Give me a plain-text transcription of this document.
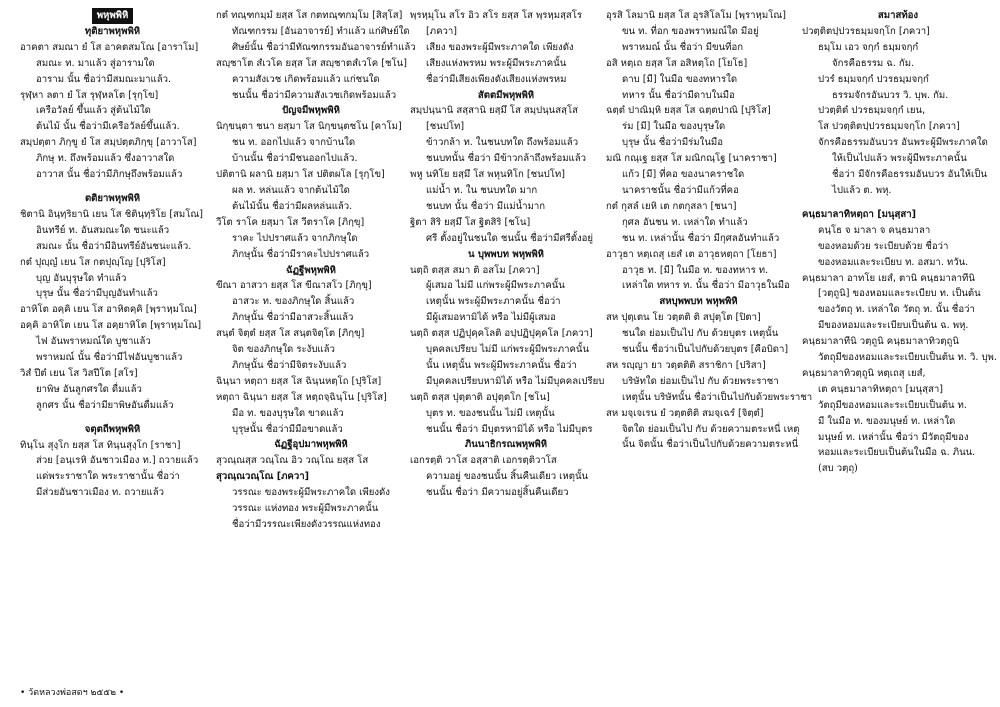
พหุพพิหิ
ทุติยาพหุพพิหิ
อาคตา สมณา ยํ โส อาคตสมโณ [อาราโม]
สมณะ ท. มาแล้ว สู่อารามใด
อาราม นั้น ชื่อว่ามีสมณะมาแล้ว.
รุฬฺหา ลตา ยํ โส รุฬฺหลโต [รุกฺโข]
เครือวัลย์ ขึ้นแล้ว สู่ต้นไม้ใด
ต้นไม้ นั้น ชื่อว่ามีเครือวัลย์ขึ้นแล้ว.
สมฺปตฺตา ภิกฺขู ยํ โส สมฺปตฺตภิกฺขุ [อาวาโส]
ภิกษุ ท. ถึงพร้อมแล้ว ซึ่งอาวาสใด
อาวาส นั้น ชื่อว่ามีภิกษุถึงพร้อมแล้ว
ตติยาพหุพพิหิ
ชิตานิ อินฺทฺริยานิ เยน โส ชิตินฺทฺริโย [สมโณ]
อินทรีย์ ท. อันสมณะใด ชนะแล้ว
สมณะ นั้น ชื่อว่ามีอินทรีย์อันชนะแล้ว.
กตํ ปุญฺญํ เยน โส กตปุญฺโญ [ปุริโส]
บุญ อันบุรุษใด ทำแล้ว
บุรุษ นั้น ชื่อว่ามีบุญอันทำแล้ว
อาหิโต อคฺคิ เยน โส อาหิตคฺคิ [พฺราหฺมโณ]
อคฺคิ อาหิโต เยน โส อคฺยาหิโต [พฺราหฺมโณ]
ไฟ อันพราหมณ์ใด บูชาแล้ว
พราหมณ์ นั้น ชื่อว่ามีไฟอันบูชาแล้ว
วิสํ ปีตํ เยน โส วิสปีโต [สโร]
ยาพิษ อันลูกศรใด ดื่มแล้ว
ลูกศร นั้น ชื่อว่ามียาพิษอันดื่มแล้ว
จตุตถีพหุพพิหิ
ทินฺโน สุงฺโก ยสฺส โส ทินฺนสุงฺโก [ราชา]
ส่วย [อนฺเรหิ อันชาวเมือง ท.] ถวายแล้ว
แด่พระราชาใด พระราชานั้น ชื่อว่า
มีส่วยอันชาวเมือง ท. ถวายแล้ว
กตํ ทณฺฑกมฺมํ ยสฺส โส กตทณฺฑกมฺโม [สิสฺโส]
ทัณฑกรรม [อันอาจารย์] ทำแล้ว แก่ศิษย์ใด
ศิษย์นั้น ชื่อว่ามีทัณฑกรรมอันอาจารย์ทำแล้ว
สญฺชาโต สํเวโค ยสฺส โส สญฺชาตสํเวโค [ชโน]
ความสังเวช เกิดพร้อมแล้ว แก่ชนใด
ชนนั้น ชื่อว่ามีความสังเวชเกิดพร้อมแล้ว
ปัญจมีพหุพพิหิ
นิกฺขนฺตา ชนา ยสฺมา โส นิกฺขนฺตชโน [คาโม]
ชน ท. ออกไปแล้ว จากบ้านใด
บ้านนั้น ชื่อว่ามีชนออกไปแล้ว.
ปติตานิ ผลานิ ยสฺมา โส ปติตผโล [รุกฺโข]
ผล ท. หล่นแล้ว จากต้นไม้ใด
ต้นไม้นั้น ชื่อว่ามีผลหล่นแล้ว.
วีโต ราโค ยสฺมา โส วีตราโค [ภิกฺขุ]
ราคะ ไปปราศแล้ว จากภิกษุใด
ภิกษุนั้น ชื่อว่ามีราคะไปปราศแล้ว
ฉัฏฐีพหุพพิหิ
ขีณา อาสวา ยสฺส โส ขีณาสโว [ภิกฺขุ]
อาสวะ ท. ของภิกษุใด สิ้นแล้ว
ภิกษุนั้น ชื่อว่ามีอาสวะสิ้นแล้ว
สนฺตํ จิตฺตํ ยสฺส โส สนฺตจิตฺโต [ภิกฺขุ]
จิต ของภิกษุใด ระงับแล้ว
ภิกษุนั้น ชื่อว่ามีจิตระงับแล้ว
ฉินฺนา หตฺถา ยสฺส โส ฉินฺนหตฺโถ [ปุริโส]
หตฺถา ฉินฺนา ยสฺส โส หตฺถจฺฉินฺโน [ปุริโส]
มือ ท. ของบุรุษใด ขาดแล้ว
บุรุษนั้น ชื่อว่ามีมือขาดแล้ว
ฉัฏฐีอุปมาพหุพพิหิ
สุวณฺณสฺส วณฺโณ อิว วณฺโณ ยสฺส โส
สุวณฺณวณฺโณ [ภควา]
วรรณะ ของพระผู้มีพระภาคใด เพียงดัง
วรรณะ แห่งทอง พระผู้มีพระภาคนั้น
ชื่อว่ามีวรรณะเพียงดังวรรณแห่งทอง
พฺรหฺมุโน สโร อิว สโร ยสฺส โส พฺรหฺมสฺสโร
[ภควา]
เสียง ของพระผู้มีพระภาคใด เพียงดัง
เสียงแห่งพรหม พระผู้มีพระภาคนั้น
ชื่อว่ามีเสียงเพียงดังเสียงแห่งพรหม
สัตตมีพหุพพิหิ
สมฺปนฺนานิ สสฺสานิ ยสฺมึ โส สมฺปนฺนสสฺโส
[ชนปโท]
ข้าวกล้า ท. ในชนบทใด ถึงพร้อมแล้ว
ชนบทนั้น ชื่อว่า มีข้าวกล้าถึงพร้อมแล้ว
พหู นทิโย ยสฺมึ โส พหุนทิโก [ชนปโท]
แม่น้ำ ท. ใน ชนบทใด มาก
ชนบท นั้น ชื่อว่า มีแม่น้ำมาก
ฐิตา สิริ ยสฺมึ โส ฐิตสิริ [ชโน]
ศรี ตั้งอยู่ในชนใด ชนนั้น ชื่อว่ามีศรีตั้งอยู่
น บุพพบท พหุพพิหิ
นตฺถิ ตสฺส สมา ติ อสโม [ภควา]
ผู้เสมอ ไม่มี แก่พระผู้มีพระภาคนั้น
เหตุนั้น พระผู้มีพระภาคนั้น ชื่อว่า
มีผู้เสมอหามิได้ หรือ ไม่มีผู้เสมอ
นตฺถิ ตสฺส ปฏิปุคฺคโลติ อปฺปฏิปุคฺคโล [ภควา]
บุคคลเปรียบ ไม่มี แก่พระผู้มีพระภาคนั้น
นั้น เหตุนั้น พระผู้มีพระภาคนั้น ชื่อว่า
มีบุคคลเปรียบหามิได้ หรือ ไม่มีบุคคลเปรียบ
นตฺถิ ตสฺส ปุตฺตาติ อปุตฺตโก [ชโน]
บุตร ท. ของชนนั้น ไม่มี เหตุนั้น
ชนนั้น ชื่อว่า มีบุตรหามิได้ หรือ ไม่มีบุตร
ภินนาธิกรณพหุพพิหิ
เอกรตฺติ วาโส อสฺสาติ เอกรตฺติวาโส
ความอยู่ ของชนนั้น สิ้นคืนเดียว เหตุนั้น
ชนนั้น ชื่อว่า มีความอยู่สิ้นคืนเดียว
อุรสิ โลมานิ ยสฺส โส อุรสิโลโม [พฺราหฺมโณ]
ขน ท. ที่อก ของพราหมณ์ใด มีอยู่
พราหมณ์ นั้น ชื่อว่า มีขนที่อก
อสิ หตฺเถ ยสฺส โส อสิหตฺโถ [โยโธ]
ดาบ [มี] ในมือ ของทหารใด
ทหาร นั้น ชื่อว่ามีดาบในมือ
ฉตฺตํ ปาณิมฺหิ ยสฺส โส ฉตฺตปาณิ [ปุริโส]
ร่ม [มี] ในมือ ของบุรุษใด
บุรุษ นั้น ชื่อว่ามีร่มในมือ
มณิ กณฺเฐ ยสฺส โส มณิกณฺโฐ [นาคราชา]
แก้ว [มี] ที่คอ ของนาคราชใด
นาคราชนั้น ชื่อว่ามีแก้วที่คอ
กตํ กุสลํ เยหิ เต กตกุสลา [ชนา]
กุศล อันชน ท. เหล่าใด ทำแล้ว
ชน ท. เหล่านั้น ชื่อว่า มีกุศลอันทำแล้ว
อาวุธา หตฺเถสุ เยสํ เต อาวุธหตฺถา [โยธา]
อาวุธ ท. [มี] ในมือ ท. ของทหาร ท.
เหล่าใด ทหาร ท. นั้น ชื่อว่า มีอาวุธในมือ
สหบุพพบท พหุพพิหิ
สห ปุตฺเตน โย วตฺตติ ติ สปุตฺโต [ปิตา]
ชนใด ย่อมเป็นไป กับ ด้วยบุตร เหตุนั้น
ชนนั้น ชื่อว่าเป็นไปกับด้วยบุตร [คือบิดา]
สห รญฺญา ยา วตฺตติติ สราชิกา [ปริสา]
บริษัทใด ย่อมเป็นไป กับ ด้วยพระราชา
เหตุนั้น บริษัทนั้น ชื่อว่าเป็นไปกับด้วยพระราชา
สห มจฺเจเรน ยํ วตฺตติติ สมจฺเฉรํ [จิตฺตํ]
จิตใด ย่อมเป็นไป กับ ด้วยความตระหนี่ เหตุ
นั้น จิตนั้น ชื่อว่าเป็นไปกับด้วยความตระหนี่
สมาสท้อง
ปวตฺติตปฺปวรธมฺมจกฺโก [ภควา]
ธมฺโม เอว จกฺกํ ธมฺมจกฺกํ
จักรคือธรรม ฉ. กัม.
ปวรํ ธมฺมจกฺกํ ปวรธมฺมจกฺกํ
ธรรมจักรอันบวร วิ. บุพ. กัม.
ปวตฺติตํ ปวรธมฺมจกฺกํ เยน,
โส ปวตฺติตปฺปวรธมฺมจกฺโก [ภควา]
จักรคือธรรมอันบวร อันพระผู้มีพระภาคใด
ให้เป็นไปแล้ว พระผู้มีพระภาคนั้น
ชื่อว่า มีจักรคือธรรมอันบวร อันให้เป็น
ไปแล้ว ต. พหุ.
คนฺธมาลาทิหตฺถา [มนุสฺสา]
คนฺโธ จ มาลา จ คนฺธมาลา
ของหอมด้วย ระเบียบด้วย ชื่อว่า
ของหอมและระเบียบ ท. อสมา. ทวัน.
คนฺธมาลา อาทโย เยสํ, ตานิ คนฺธมาลาทีนิ
[วตฺถูนิ] ของหอมและระเบียบ ท. เป็นต้น
ของวัตถุ ท. เหล่าใด วัตถุ ท. นั้น ชื่อว่า
มีของหอมและระเบียบเป็นต้น ฉ. พหุ.
คนฺธมาลาทีนิ วตฺถูนิ คนฺธมาลาทิวตฺถูนิ
วัตถุมีของหอมและระเบียบเป็นต้น ท. วิ. บุพ.
คนฺธมาลาทิวตฺถูนิ หตฺเถสุ เยสํ,
เต คนฺธมาลาทิหตฺถา [มนุสฺสา]
วัตถุมีของหอมและระเบียบเป็นต้น ท.
มี ในมือ ท. ของมนุษย์ ท. เหล่าใด
มนุษย์ ท. เหล่านั้น ชื่อว่า มีวัตถุมีของ
หอมและระเบียบเป็นต้นในมือ ฉ. ภินน.
(สบ วตฺถุ)
• วัดหลวงพ่อสดฯ ๒๕๕๒ •
